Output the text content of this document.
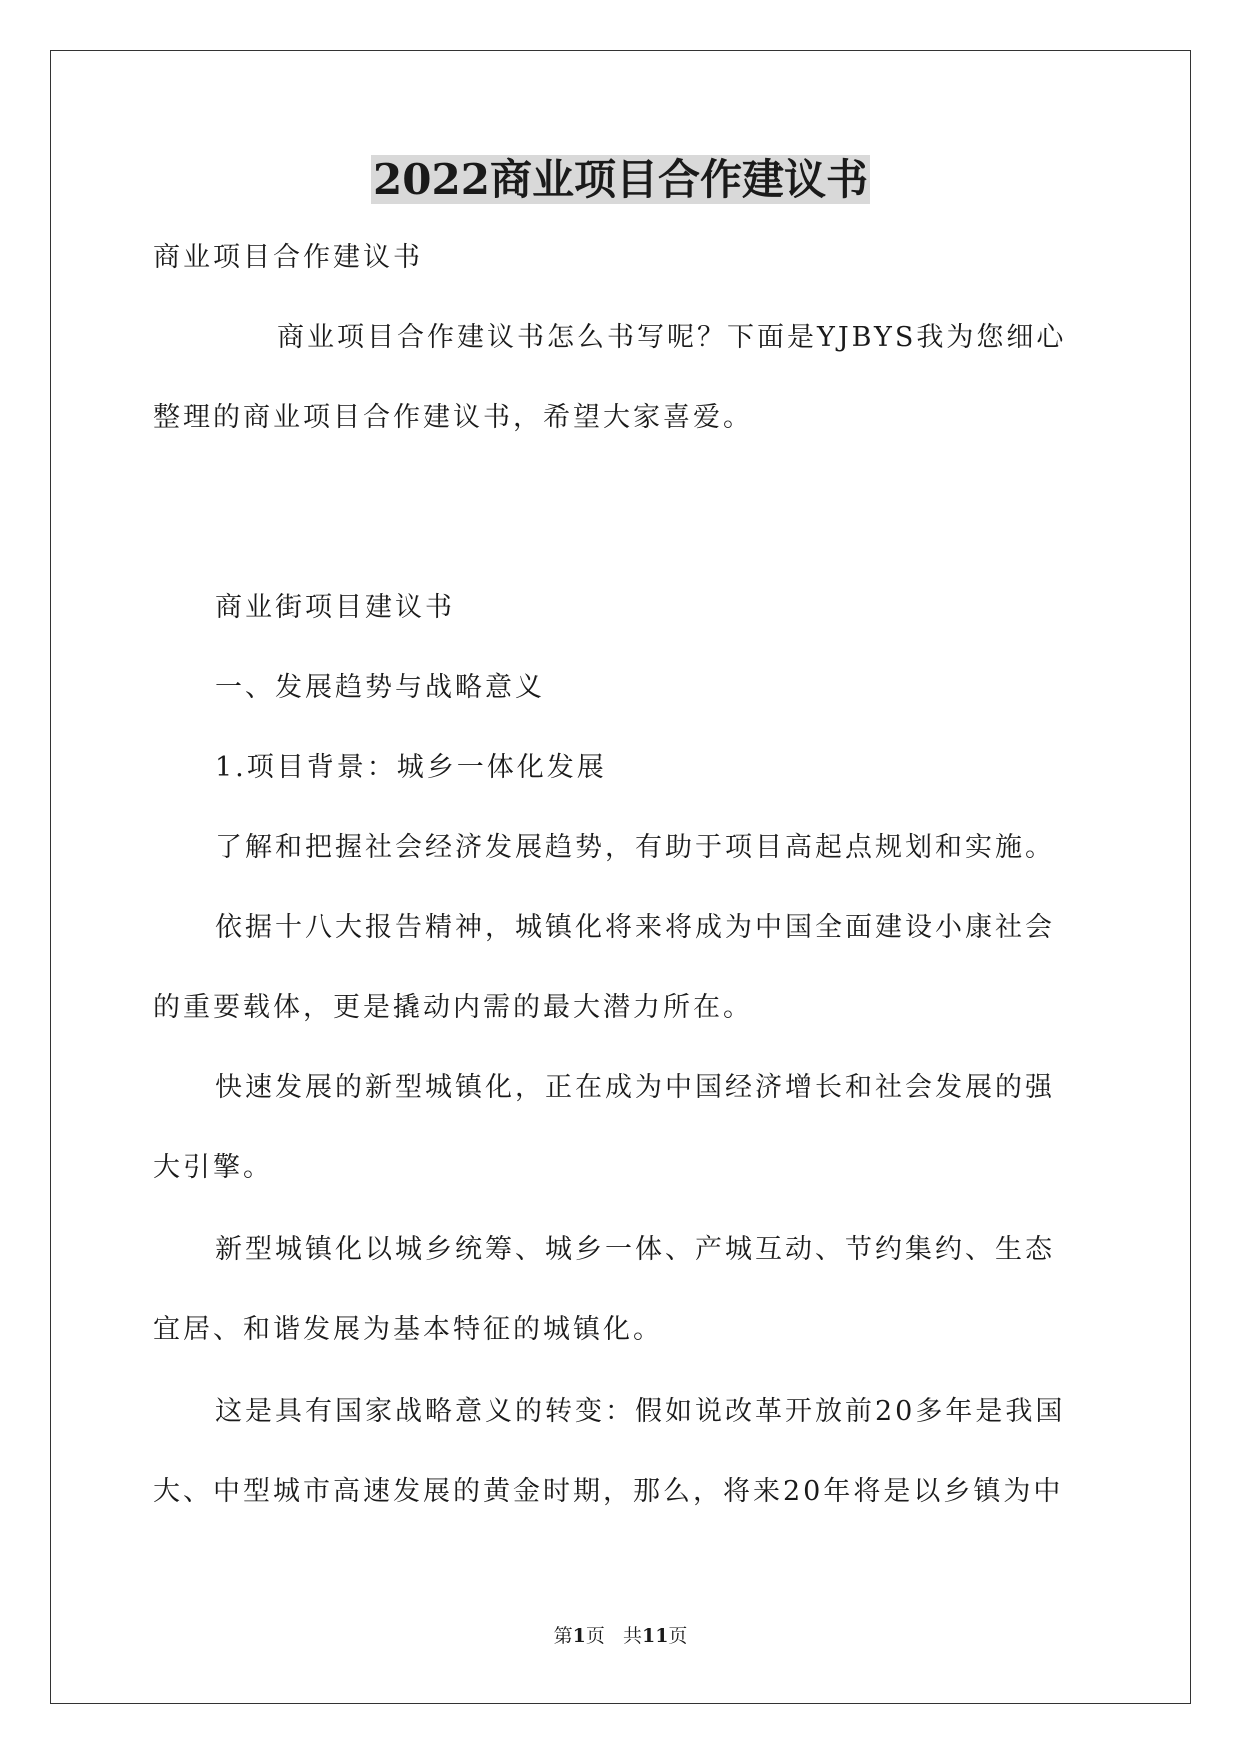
2022商业项目合作建议书
商业项目合作建议书
商业项目合作建议书怎么书写呢？下面是YJBYS我为您细心
整理的商业项目合作建议书，希望大家喜爱。
商业街项目建议书
一、发展趋势与战略意义
1.项目背景：城乡一体化发展
了解和把握社会经济发展趋势，有助于项目高起点规划和实施。
依据十八大报告精神，城镇化将来将成为中国全面建设小康社会
的重要载体，更是撬动内需的最大潜力所在。
快速发展的新型城镇化，正在成为中国经济增长和社会发展的强
大引擎。
新型城镇化以城乡统筹、城乡一体、产城互动、节约集约、生态
宜居、和谐发展为基本特征的城镇化。
这是具有国家战略意义的转变：假如说改革开放前20多年是我国
大、中型城市高速发展的黄金时期，那么，将来20年将是以乡镇为中
第1页 共11页
